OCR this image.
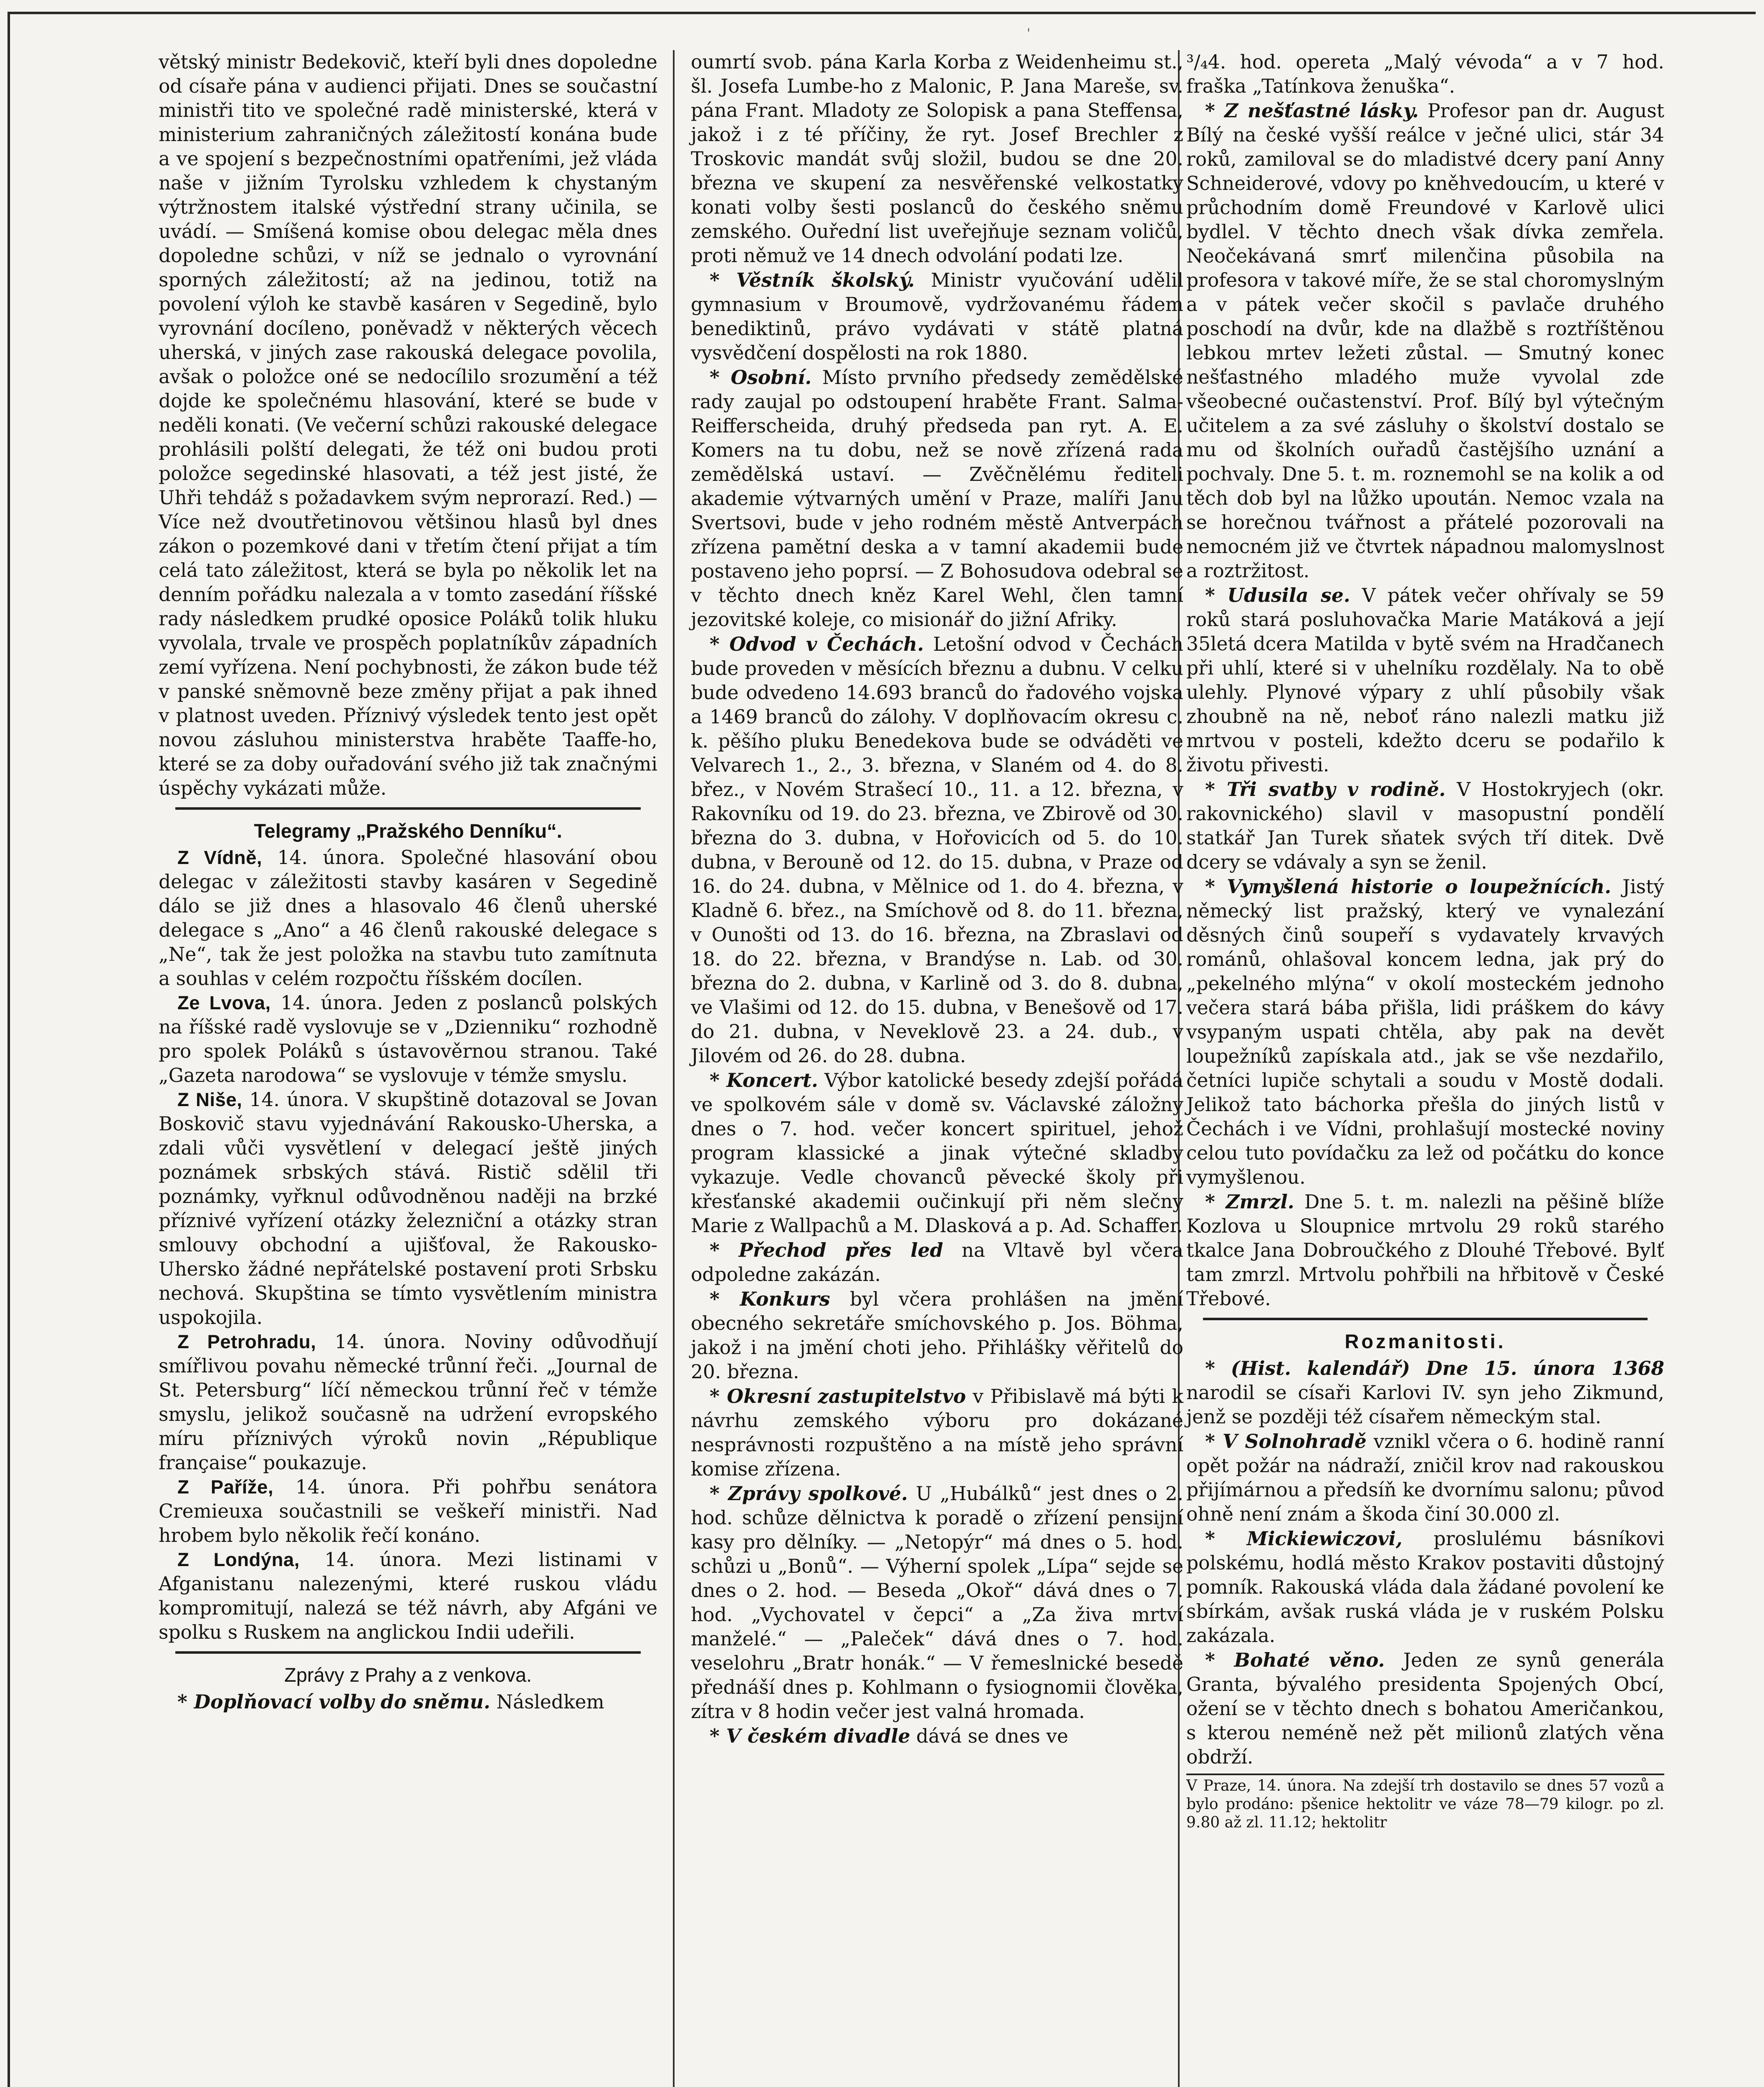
'

větský ministr Bedekovič, kteří byli dnes dopoledne od císaře pána v audienci přijati. Dnes se součastní ministři tito ve společné radě ministerské, která v ministerium zahraničných záležitostí konána bude a ve spojení s bezpečnostními opatřeními, jež vláda naše v jižním Tyrolsku vzhledem k chystaným výtržnostem italské výstřední strany učinila, se uvádí. — Smíšená komise obou delegac měla dnes dopoledne schůzi, v níž se jednalo o vyrovnání sporných záležitostí; až na jedinou, totiž na povolení výloh ke stavbě kasáren v Segedině, bylo vyrovnání docíleno, poněvadž v některých věcech uherská, v jiných zase rakouská delegace povolila, avšak o položce oné se nedocílilo srozumění a též dojde ke společnému hlasování, které se bude v neděli konati. (Ve večerní schůzi rakouské delegace prohlásili polští delegati, že též oni budou proti položce segedinské hlasovati, a též jest jisté, že Uhři tehdáž s požadavkem svým neprorazí. Red.) — Více než dvoutřetinovou většinou hlasů byl dnes zákon o pozemkové dani v třetím čtení přijat a tím celá tato záležitost, která se byla po několik let na denním pořádku nalezala a v tomto zasedání říšské rady následkem prudké oposice Poláků tolik hluku vyvolala, trvale ve prospěch poplatníkův západních zemí vyřízena. Není pochybnosti, že zákon bude též v panské sněmovně beze změny přijat a pak ihned v platnost uveden. Příznivý výsledek tento jest opět novou zásluhou ministerstva hraběte Taaffe-ho, které se za doby ouřadování svého již tak značnými úspěchy vykázati může.

Telegramy „Pražského Denníku“.

Z Vídně, 14. února. Společné hlasování obou delegac v záležitosti stavby kasáren v Segedině dálo se již dnes a hlasovalo 46 členů uherské delegace s „Ano“ a 46 členů rakouské delegace s „Ne“, tak že jest položka na stavbu tuto zamítnuta a souhlas v celém rozpočtu říšském docílen.

Ze Lvova, 14. února. Jeden z poslanců polských na říšské radě vyslovuje se v „Dzienniku“ rozhodně pro spolek Poláků s ústavověrnou stranou. Také „Gazeta narodowa“ se vyslovuje v témže smyslu.

Z Niše, 14. února. V skupštině dotazoval se Jovan Boskovič stavu vyjednávání Rakousko-Uherska, a zdali vůči vysvětlení v delegací ještě jiných poznámek srbských stává. Ristič sdělil tři poznámky, vyřknul odůvodněnou naději na brzké příznivé vyřízení otázky železniční a otázky stran smlouvy obchodní a ujišťoval, že Rakousko-Uhersko žádné nepřátelské postavení proti Srbsku nechová. Skupština se tímto vysvětlením ministra uspokojila.

Z Petrohradu, 14. února. Noviny odůvodňují smířlivou povahu německé trůnní řeči. „Journal de St. Petersburg“ líčí německou trůnní řeč v témže smyslu, jelikož současně na udržení evropského míru příznivých výroků novin „République française“ poukazuje.

Z Paříže, 14. února. Při pohřbu senátora Cremieuxa součastnili se veškeří ministři. Nad hrobem bylo několik řečí konáno.

Z Londýna, 14. února. Mezi listinami v Afganistanu nalezenými, které ruskou vládu kompromitují, nalezá se též návrh, aby Afgáni ve spolku s Ruskem na anglickou Indii udeřili.

Zprávy z Prahy a z venkova.

* Doplňovací volby do sněmu. Následkem

oumrtí svob. pána Karla Korba z Weidenheimu st., šl. Josefa Lumbe-ho z Malonic, P. Jana Mareše, sv. pána Frant. Mladoty ze Solopisk a pana Steffensa, jakož i z té příčiny, že ryt. Josef Brechler z Troskovic mandát svůj složil, budou se dne 20. března ve skupení za nesvěřenské velkostatky konati volby šesti poslanců do českého sněmu zemského. Ouřední list uveřejňuje seznam voličů, proti němuž ve 14 dnech odvolání podati lze.

* Věstník školský. Ministr vyučování udělil gymnasium v Broumově, vydržovanému řádem benediktinů, právo vydávati v státě platná vysvědčení dospělosti na rok 1880.

* Osobní. Místo prvního předsedy zemědělské rady zaujal po odstoupení hraběte Frant. Salma-Reifferscheida, druhý předseda pan ryt. A. E. Komers na tu dobu, než se nově zřízená rada zemědělská ustaví. — Zvěčnělému řediteli akademie výtvarných umění v Praze, malíři Janu Svertsovi, bude v jeho rodném městě Antverpách zřízena pamětní deska a v tamní akademii bude postaveno jeho poprsí. — Z Bohosudova odebral se v těchto dnech kněz Karel Wehl, člen tamní jezovitské koleje, co misionář do jižní Afriky.

* Odvod v Čechách. Letošní odvod v Čechách bude proveden v měsících březnu a dubnu. V celku bude odvedeno 14.693 branců do řadového vojska a 1469 branců do zálohy. V doplňovacím okresu c. k. pěšího pluku Benedekova bude se odváděti ve Velvarech 1., 2., 3. března, v Slaném od 4. do 8. břez., v Novém Strašecí 10., 11. a 12. března, v Rakovníku od 19. do 23. března, ve Zbirově od 30. března do 3. dubna, v Hořovicích od 5. do 10. dubna, v Berouně od 12. do 15. dubna, v Praze od 16. do 24. dubna, v Mělnice od 1. do 4. března, v Kladně 6. břez., na Smíchově od 8. do 11. března, v Ounošti od 13. do 16. března, na Zbraslavi od 18. do 22. března, v Brandýse n. Lab. od 30. března do 2. dubna, v Karlině od 3. do 8. dubna, ve Vlašimi od 12. do 15. dubna, v Benešově od 17. do 21. dubna, v Neveklově 23. a 24. dub., v Jilovém od 26. do 28. dubna.

* Koncert. Výbor katolické besedy zdejší pořádá ve spolkovém sále v domě sv. Václavské záložny dnes o 7. hod. večer koncert spirituel, jehož program klassické a jinak výtečné skladby vykazuje. Vedle chovanců pěvecké školy při křesťanské akademii oučinkují při něm slečny Marie z Wallpachů a M. Dlasková a p. Ad. Schaffer.

* Přechod přes led na Vltavě byl včera odpoledne zakázán.

* Konkurs byl včera prohlášen na jmění obecného sekretáře smíchovského p. Jos. Böhma, jakož i na jmění choti jeho. Přihlášky věřitelů do 20. března.

* Okresní zastupitelstvo v Přibislavě má býti k návrhu zemského výboru pro dokázané nesprávnosti rozpuštěno a na místě jeho správní komise zřízena.

* Zprávy spolkové. U „Hubálků“ jest dnes o 2. hod. schůze dělnictva k poradě o zřízení pensijní kasy pro dělníky. — „Netopýr“ má dnes o 5. hod. schůzi u „Bonů“. — Výherní spolek „Lípa“ sejde se dnes o 2. hod. — Beseda „Okoř“ dává dnes o 7. hod. „Vychovatel v čepci“ a „Za živa mrtví manželé.“ — „Paleček“ dává dnes o 7. hod. veselohru „Bratr honák.“ — V řemeslnické besedě přednáší dnes p. Kohlmann o fysiognomii člověka, zítra v 8 hodin večer jest valná hromada.

* V českém divadle dává se dnes ve

³/₄4. hod. opereta „Malý vévoda“ a v 7 hod. fraška „Tatínkova ženuška“.

* Z nešťastné lásky. Profesor pan dr. August Bílý na české vyšší reálce v ječné ulici, stár 34 roků, zamiloval se do mladistvé dcery paní Anny Schneiderové, vdovy po kněhvedoucím, u které v průchodním domě Freundové v Karlově ulici bydlel. V těchto dnech však dívka zemřela. Neočekávaná smrť milenčina působila na profesora v takové míře, že se stal choromyslným a v pátek večer skočil s pavlače druhého poschodí na dvůr, kde na dlažbě s roztříštěnou lebkou mrtev ležeti zůstal. — Smutný konec nešťastného mladého muže vyvolal zde všeobecné oučastenství. Prof. Bílý byl výtečným učitelem a za své zásluhy o školství dostalo se mu od školních ouřadů častějšího uznání a pochvaly. Dne 5. t. m. roznemohl se na kolik a od těch dob byl na lůžko upoután. Nemoc vzala na se horečnou tvářnost a přátelé pozorovali na nemocném již ve čtvrtek nápadnou malomyslnost a roztržitost.

* Udusila se. V pátek večer ohřívaly se 59 roků stará posluhovačka Marie Matáková a její 35letá dcera Matilda v bytě svém na Hradčanech při uhlí, které si v uhelníku rozdělaly. Na to obě ulehly. Plynové výpary z uhlí působily však zhoubně na ně, neboť ráno nalezli matku již mrtvou v posteli, kdežto dceru se podařilo k životu přivesti.

* Tři svatby v rodině. V Hostokryjech (okr. rakovnického) slavil v masopustní pondělí statkář Jan Turek sňatek svých tří ditek. Dvě dcery se vdávaly a syn se ženil.

* Vymyšlená historie o loupežnících. Jistý německý list pražský, který ve vynalezání děsných činů soupeří s vydavately krvavých románů, ohlašoval koncem ledna, jak prý do „pekelného mlýna“ v okolí mosteckém jednoho večera stará bába přišla, lidi práškem do kávy vsypaným uspati chtěla, aby pak na devět loupežníků zapískala atd., jak se vše nezdařilo, četníci lupiče schytali a soudu v Mostě dodali. Jelikož tato báchorka přešla do jiných listů v Čechách i ve Vídni, prohlašují mostecké noviny celou tuto povídačku za lež od počátku do konce vymyšlenou.

* Zmrzl. Dne 5. t. m. nalezli na pěšině blíže Kozlova u Sloupnice mrtvolu 29 roků starého tkalce Jana Dobroučkého z Dlouhé Třebové. Bylť tam zmrzl. Mrtvolu pohřbili na hřbitově v České Třebové.

Rozmanitosti.

* (Hist. kalendář) Dne 15. února 1368 narodil se císaři Karlovi IV. syn jeho Zikmund, jenž se později též císařem německým stal.

* V Solnohradě vznikl včera o 6. hodině ranní opět požár na nádraží, zničil krov nad rakouskou přijímárnou a předsíň ke dvornímu salonu; původ ohně není znám a škoda činí 30.000 zl.

* Mickiewiczovi, proslulému básníkovi polskému, hodlá město Krakov postaviti důstojný pomník. Rakouská vláda dala žádané povolení ke sbírkám, avšak ruská vláda je v ruském Polsku zakázala.

* Bohaté věno. Jeden ze synů generála Granta, bývalého presidenta Spojených Obcí, ožení se v těchto dnech s bohatou Američankou, s kterou neméně než pět milionů zlatých věna obdrží.

V Praze, 14. února. Na zdejší trh dostavilo se dnes 57 vozů a bylo prodáno: pšenice hektolitr ve váze 78—79 kilogr. po zl. 9.80 až zl. 11.12; hektolitr
